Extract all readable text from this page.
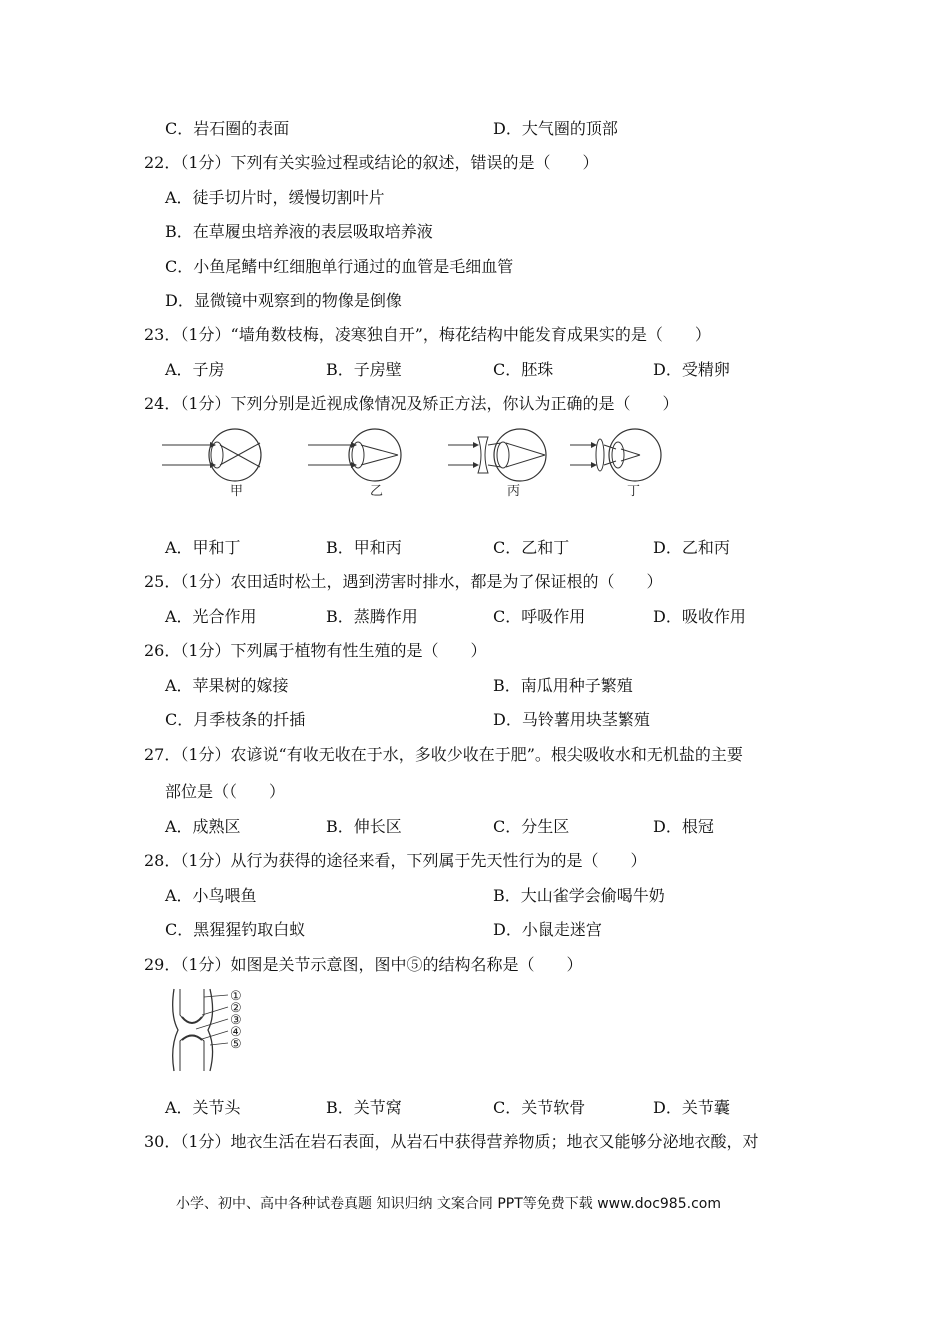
C．岩石圈的表面	D．大气圈的顶部
22．（1分）下列有关实验过程或结论的叙述，错误的是（　　）
A．徒手切片时，缓慢切割叶片
B．在草履虫培养液的表层吸取培养液
C．小鱼尾鳍中红细胞单行通过的血管是毛细血管
D．显微镜中观察到的物像是倒像
23．（1分）“墙角数枝梅，凌寒独自开”，梅花结构中能发育成果实的是（　　）
A．子房	B．子房壁	C．胚珠	D．受精卵
24．（1分）下列分别是近视成像情况及矫正方法，你认为正确的是（　　）
甲	乙	丙	丁
A．甲和丁	B．甲和丙	C．乙和丁	D．乙和丙
25．（1分）农田适时松土，遇到涝害时排水，都是为了保证根的（　　）
A．光合作用	B．蒸腾作用	C．呼吸作用	D．吸收作用
26．（1分）下列属于植物有性生殖的是（　　）
A．苹果树的嫁接	B．南瓜用种子繁殖
C．月季枝条的扦插	D．马铃薯用块茎繁殖
27．（1分）农谚说“有收无收在于水，多收少收在于肥”。根尖吸收水和无机盐的主要
部位是（（　　）
A．成熟区	B．伸长区	C．分生区	D．根冠
28．（1分）从行为获得的途径来看，下列属于先天性行为的是（　　）
A．小鸟喂鱼	B．大山雀学会偷喝牛奶
C．黑猩猩钓取白蚁	D．小鼠走迷宫
29．（1分）如图是关节示意图，图中⑤的结构名称是（　　）
①
②
③
④
⑤
A．关节头	B．关节窝	C．关节软骨	D．关节囊
30．（1分）地衣生活在岩石表面，从岩石中获得营养物质；地衣又能够分泌地衣酸，对
小学、初中、高中各种试卷真题 知识归纳 文案合同 PPT等免费下载 www.doc985.com
